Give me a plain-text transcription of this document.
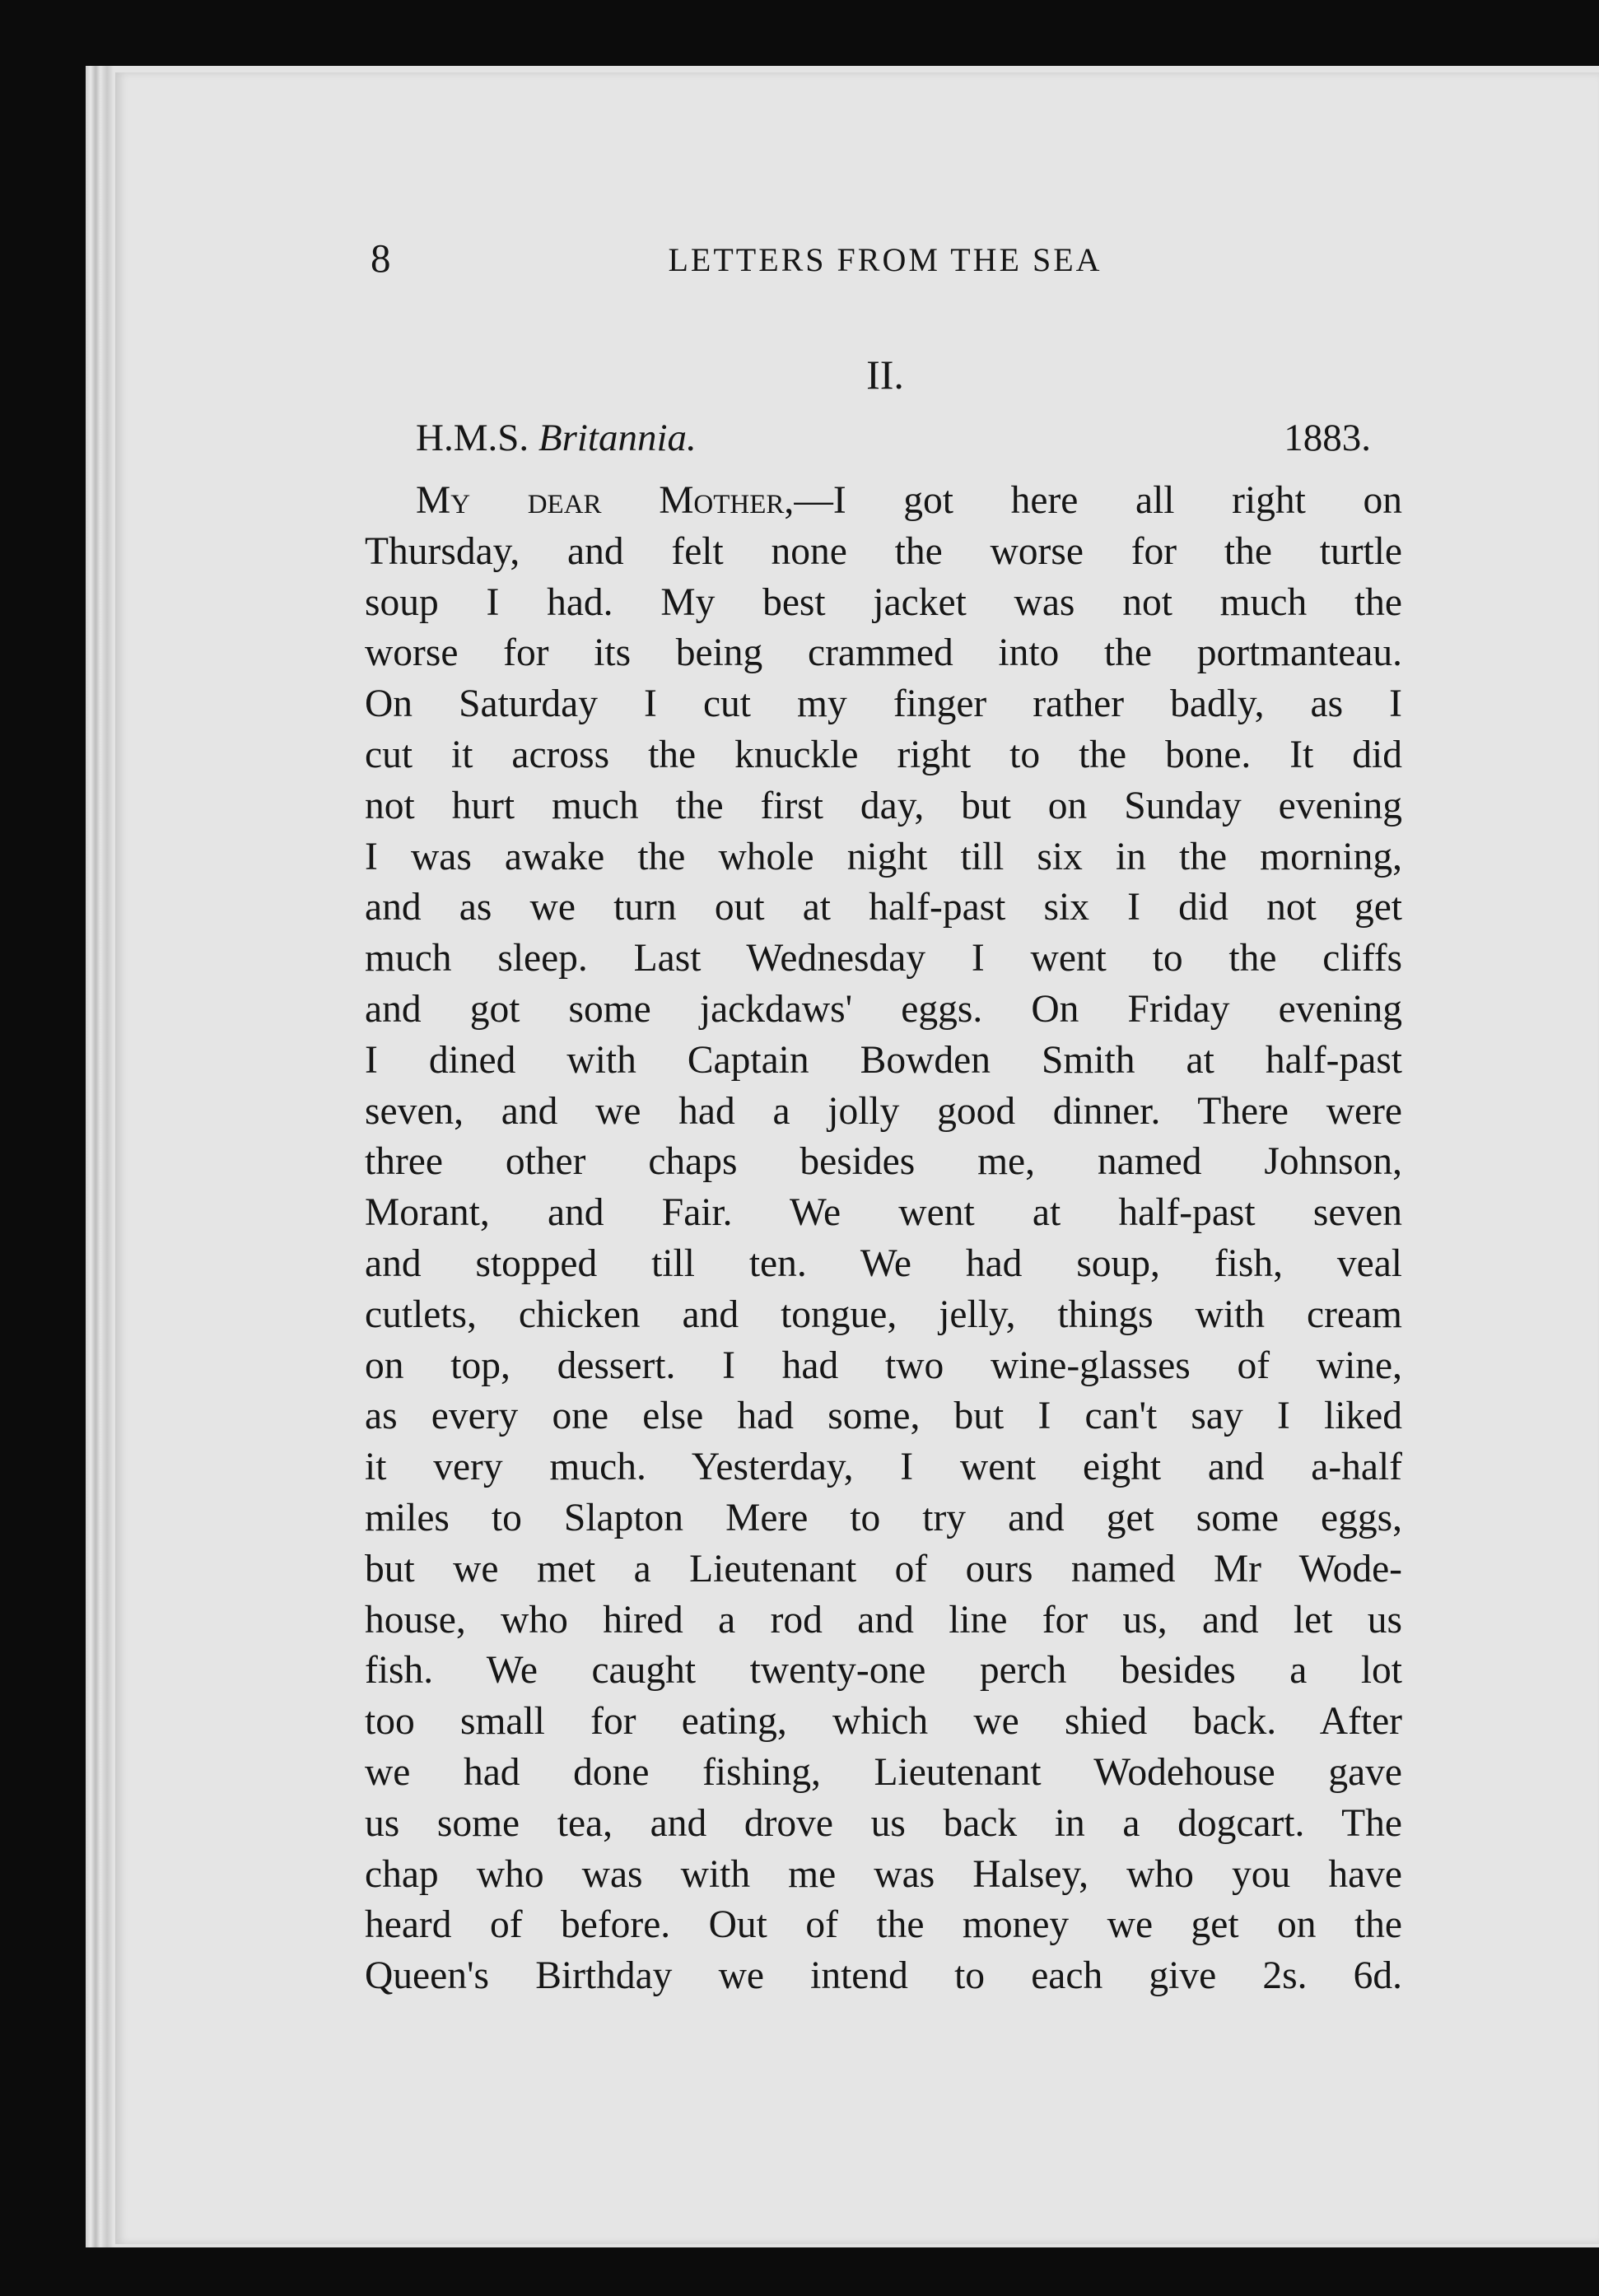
8	LETTERS FROM THE SEA
II.
H.M.S. Britannia.	1883.
My dear Mother,—I got here all right on
Thursday, and felt none the worse for the turtle
soup I had. My best jacket was not much the
worse for its being crammed into the portmanteau.
On Saturday I cut my finger rather badly, as I
cut it across the knuckle right to the bone. It did
not hurt much the first day, but on Sunday evening
I was awake the whole night till six in the morning,
and as we turn out at half-past six I did not get
much sleep. Last Wednesday I went to the cliffs
and got some jackdaws' eggs. On Friday evening
I dined with Captain Bowden Smith at half-past
seven, and we had a jolly good dinner. There were
three other chaps besides me, named Johnson,
Morant, and Fair. We went at half-past seven
and stopped till ten. We had soup, fish, veal
cutlets, chicken and tongue, jelly, things with cream
on top, dessert. I had two wine-glasses of wine,
as every one else had some, but I can't say I liked
it very much. Yesterday, I went eight and a-half
miles to Slapton Mere to try and get some eggs,
but we met a Lieutenant of ours named Mr Wode-
house, who hired a rod and line for us, and let us
fish. We caught twenty-one perch besides a lot
too small for eating, which we shied back. After
we had done fishing, Lieutenant Wodehouse gave
us some tea, and drove us back in a dogcart. The
chap who was with me was Halsey, who you have
heard of before. Out of the money we get on the
Queen's Birthday we intend to each give 2s. 6d.
